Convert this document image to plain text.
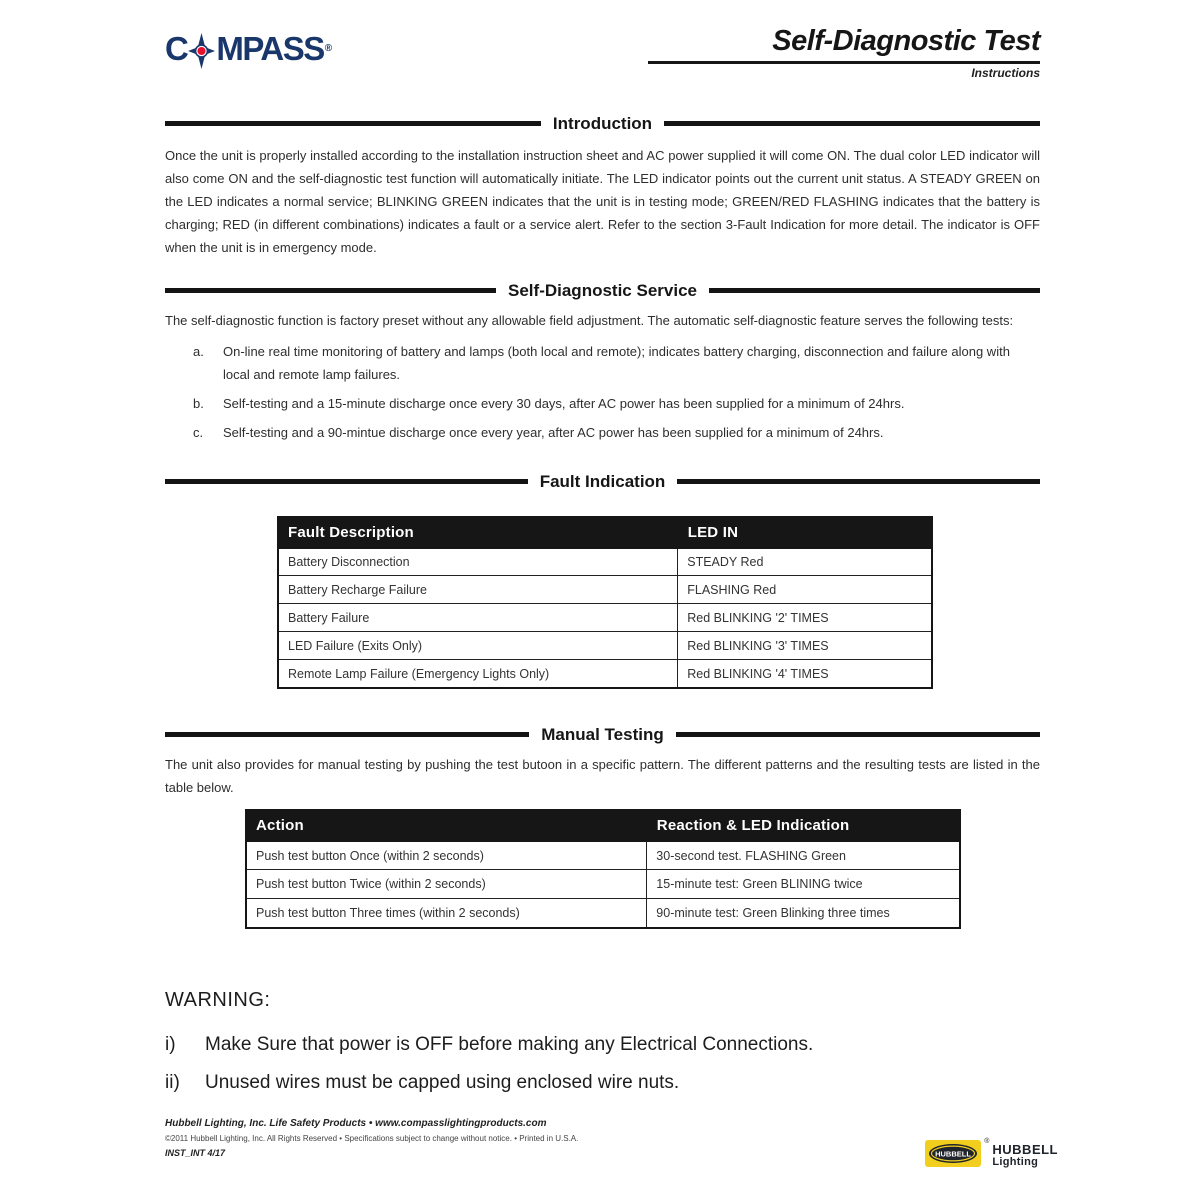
C MPASS ®	Self-Diagnostic Test
Instructions
Introduction

Once the unit is properly installed according to the installation instruction sheet and AC power supplied it will come ON. The dual color LED indicator will also come ON and the self-diagnostic test function will automatically initiate. The LED indicator points out the current unit status. A STEADY GREEN on the LED indicates a normal service; BLINKING GREEN indicates that the unit is in testing mode; GREEN/RED FLASHING indicates that the battery is charging; RED (in different combinations) indicates a fault or a service alert. Refer to the section 3-Fault Indication for more detail. The indicator is OFF when the unit is in emergency mode.

Self-Diagnostic Service

The self-diagnostic function is factory preset without any allowable field adjustment. The automatic self-diagnostic feature serves the following tests:

a.	On-line real time monitoring of battery and lamps (both local and remote); indicates battery charging, disconnection and failure along with local and remote lamp failures.
b.	Self-testing and a 15-minute discharge once every 30 days, after AC power has been supplied for a minimum of 24hrs.
c.	Self-testing and a 90-mintue discharge once every year, after AC power has been supplied for a minimum of 24hrs.
Fault Indication
Fault Description	LED IN
Battery Disconnection	STEADY Red
Battery Recharge Failure	FLASHING Red
Battery Failure	Red BLINKING '2' TIMES
LED Failure (Exits Only)	Red BLINKING '3' TIMES
Remote Lamp Failure (Emergency Lights Only)	Red BLINKING '4' TIMES
Manual Testing

The unit also provides for manual testing by pushing the test butoon in a specific pattern. The different patterns and the resulting tests are listed in the table below.

Action	Reaction & LED Indication
Push test button Once (within 2 seconds)	30-second test. FLASHING Green
Push test button Twice (within 2 seconds)	15-minute test: Green BLINING twice
Push test button Three times (within 2 seconds)	90-minute test: Green Blinking three times
WARNING:
i)	Make Sure that power is OFF before making any Electrical Connections.
ii)	Unused wires must be capped using enclosed wire nuts.
Hubbell Lighting, Inc. Life Safety Products • www.compasslightingproducts.com
©2011 Hubbell Lighting, Inc. All Rights Reserved • Specifications subject to change without notice. • Printed in U.S.A.
INST_INT 4/17	HUBBELL
®
HUBBELL
Lighting
